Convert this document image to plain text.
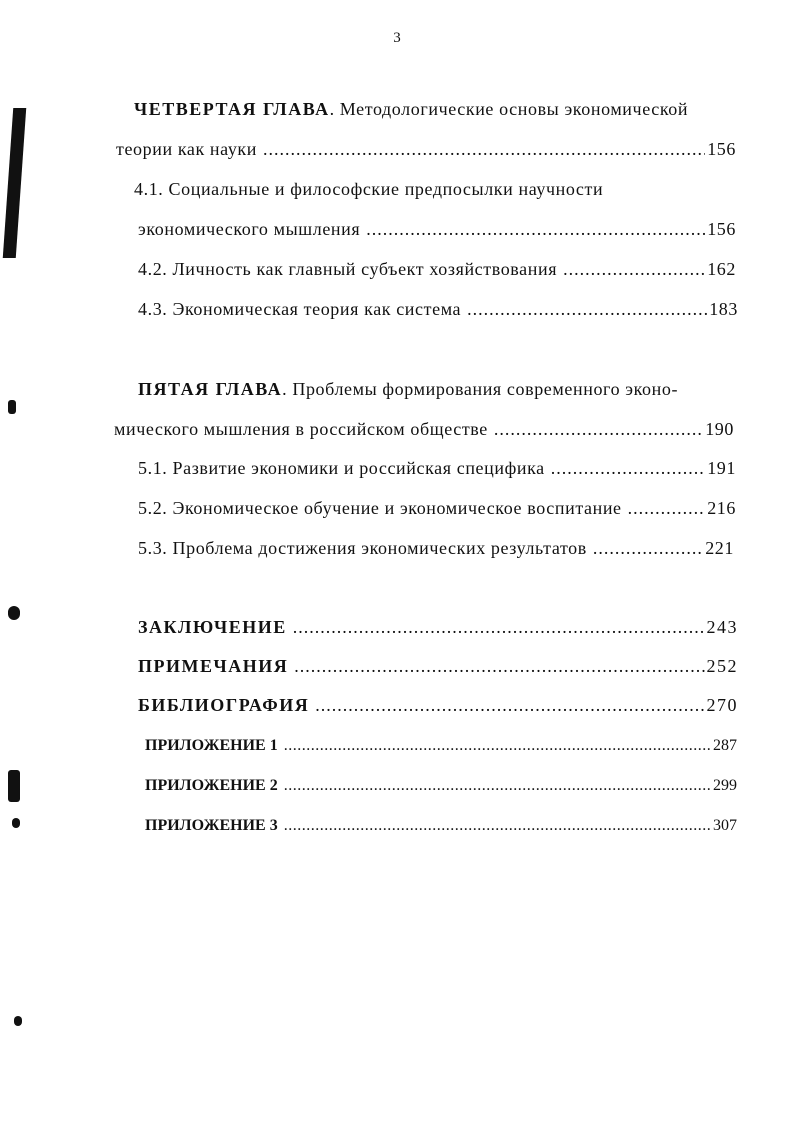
3
ЧЕТВЕРТАЯ ГЛАВА. Методологические основы экономической
теории как науки .....	156
4.1. Социальные и философские предпосылки научности
экономического мышления .....	156
4.2. Личность как главный субъект хозяйствования .....	162
4.3. Экономическая теория как система .....	183
ПЯТАЯ ГЛАВА. Проблемы формирования современного эконо-
мического мышления в российском обществе .....	190
5.1. Развитие экономики и российская специфика .....	191
5.2. Экономическое обучение и экономическое воспитание .....	216
5.3. Проблема достижения экономических результатов .....	221
ЗАКЛЮЧЕНИЕ .....	243
ПРИМЕЧАНИЯ .....	252
БИБЛИОГРАФИЯ .....	270
ПРИЛОЖЕНИЕ 1 .....	287
ПРИЛОЖЕНИЕ 2 .....	299
ПРИЛОЖЕНИЕ 3 .....	307
